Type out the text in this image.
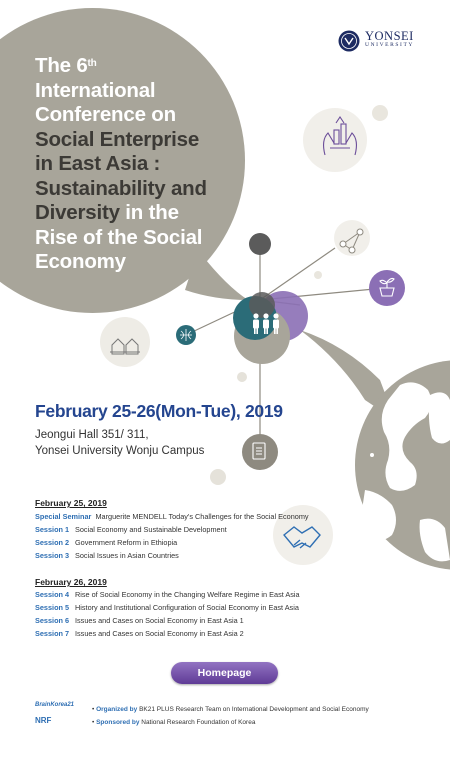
The 6th
International Conference on
Social Enterprise
in East Asia :
Sustainability and
Diversity in the
Rise of the Social
Economy
YONSEI
UNIVERSITY
February 25-26(Mon-Tue), 2019
Jeongui Hall 351/ 311,
Yonsei University Wonju Campus
February 25, 2019
Special Seminar Marguerite MENDELL Today's Challenges for the Social Economy
Session 1 Social Economy and Sustainable Development
Session 2 Government Reform in Ethiopia
Session 3 Social Issues in Asian Countries
February 26, 2019
Session 4 Rise of Social Economy in the Changing Welfare Regime in East Asia
Session 5 History and Institutional Configuration of Social Economy in East Asia
Session 6 Issues and Cases on Social Economy in East Asia 1
Session 7 Issues and Cases on Social Economy in East Asia 2
Homepage
BrainKorea21
NRF
• Organized by BK21 PLUS Research Team on International Development and Social Economy
• Sponsored by National Research Foundation of Korea
